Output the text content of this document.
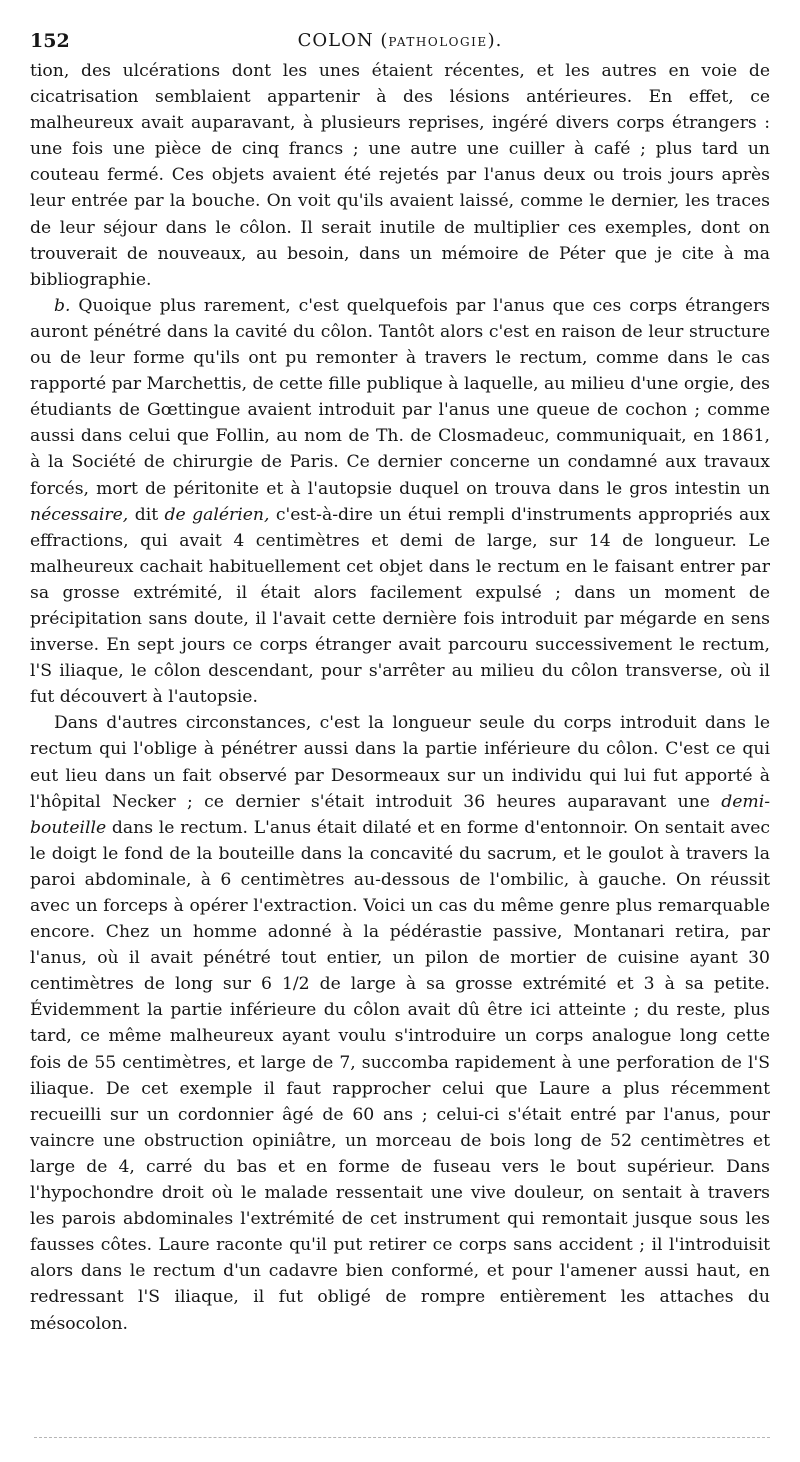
152	COLON (PATHOLOGIE).

tion, des ulcérations dont les unes étaient récentes, et les autres en voie de cicatrisation semblaient appartenir à des lésions antérieures. En effet, ce malheureux avait auparavant, à plusieurs reprises, ingéré divers corps étrangers : une fois une pièce de cinq francs ; une autre une cuiller à café ; plus tard un couteau fermé. Ces objets avaient été rejetés par l'anus deux ou trois jours après leur entrée par la bouche. On voit qu'ils avaient laissé, comme le dernier, les traces de leur séjour dans le côlon. Il serait inutile de multiplier ces exemples, dont on trouverait de nouveaux, au besoin, dans un mémoire de Péter que je cite à ma bibliographie.

b. Quoique plus rarement, c'est quelquefois par l'anus que ces corps étrangers auront pénétré dans la cavité du côlon. Tantôt alors c'est en raison de leur structure ou de leur forme qu'ils ont pu remonter à travers le rectum, comme dans le cas rapporté par Marchettis, de cette fille publique à laquelle, au milieu d'une orgie, des étudiants de Gœttingue avaient introduit par l'anus une queue de cochon ; comme aussi dans celui que Follin, au nom de Th. de Closmadeuc, communiquait, en 1861, à la Société de chirurgie de Paris. Ce dernier concerne un condamné aux travaux forcés, mort de péritonite et à l'autopsie duquel on trouva dans le gros intestin un nécessaire, dit de galérien, c'est-à-dire un étui rempli d'instruments appropriés aux effractions, qui avait 4 centimètres et demi de large, sur 14 de longueur. Le malheureux cachait habituellement cet objet dans le rectum en le faisant entrer par sa grosse extrémité, il était alors facilement expulsé ; dans un moment de précipitation sans doute, il l'avait cette dernière fois introduit par mégarde en sens inverse. En sept jours ce corps étranger avait parcouru successivement le rectum, l'S iliaque, le côlon descendant, pour s'arrêter au milieu du côlon transverse, où il fut découvert à l'autopsie.

Dans d'autres circonstances, c'est la longueur seule du corps introduit dans le rectum qui l'oblige à pénétrer aussi dans la partie inférieure du côlon. C'est ce qui eut lieu dans un fait observé par Desormeaux sur un individu qui lui fut apporté à l'hôpital Necker ; ce dernier s'était introduit 36 heures auparavant une demi-bouteille dans le rectum. L'anus était dilaté et en forme d'entonnoir. On sentait avec le doigt le fond de la bouteille dans la concavité du sacrum, et le goulot à travers la paroi abdominale, à 6 centimètres au-dessous de l'ombilic, à gauche. On réussit avec un forceps à opérer l'extraction. Voici un cas du même genre plus remarquable encore. Chez un homme adonné à la pédérastie passive, Montanari retira, par l'anus, où il avait pénétré tout entier, un pilon de mortier de cuisine ayant 30 centimètres de long sur 6 1/2 de large à sa grosse extrémité et 3 à sa petite. Évidemment la partie inférieure du côlon avait dû être ici atteinte ; du reste, plus tard, ce même malheureux ayant voulu s'introduire un corps analogue long cette fois de 55 centimètres, et large de 7, succomba rapidement à une perforation de l'S iliaque. De cet exemple il faut rapprocher celui que Laure a plus récemment recueilli sur un cordonnier âgé de 60 ans ; celui-ci s'était entré par l'anus, pour vaincre une obstruction opiniâtre, un morceau de bois long de 52 centimètres et large de 4, carré du bas et en forme de fuseau vers le bout supérieur. Dans l'hypochondre droit où le malade ressentait une vive douleur, on sentait à travers les parois abdominales l'extrémité de cet instrument qui remontait jusque sous les fausses côtes. Laure raconte qu'il put retirer ce corps sans accident ; il l'introduisit alors dans le rectum d'un cadavre bien conformé, et pour l'amener aussi haut, en redressant l'S iliaque, il fut obligé de rompre entièrement les attaches du mésocolon.
